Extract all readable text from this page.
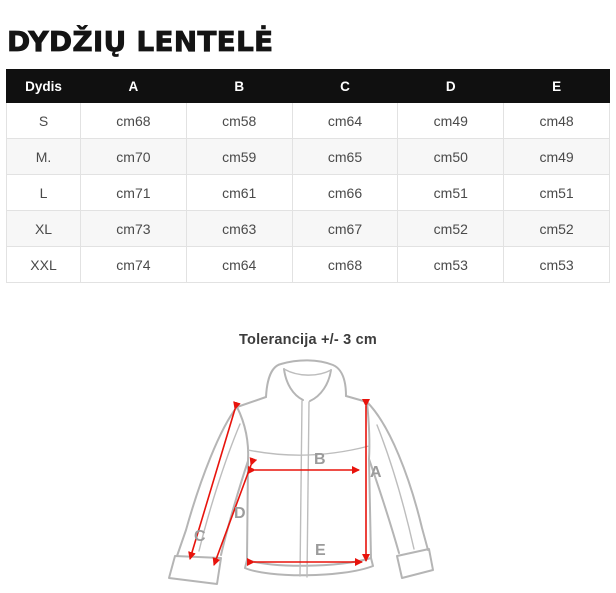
DYDŽIŲ LENTELĖ
Dydis	A	B	C	D	E
S	cm68	cm58	cm64	cm49	cm48
M.	cm70	cm59	cm65	cm50	cm49
L	cm71	cm61	cm66	cm51	cm51
XL	cm73	cm63	cm67	cm52	cm52
XXL	cm74	cm64	cm68	cm53	cm53
Tolerancija +/- 3 cm
A
B
C
D
E
